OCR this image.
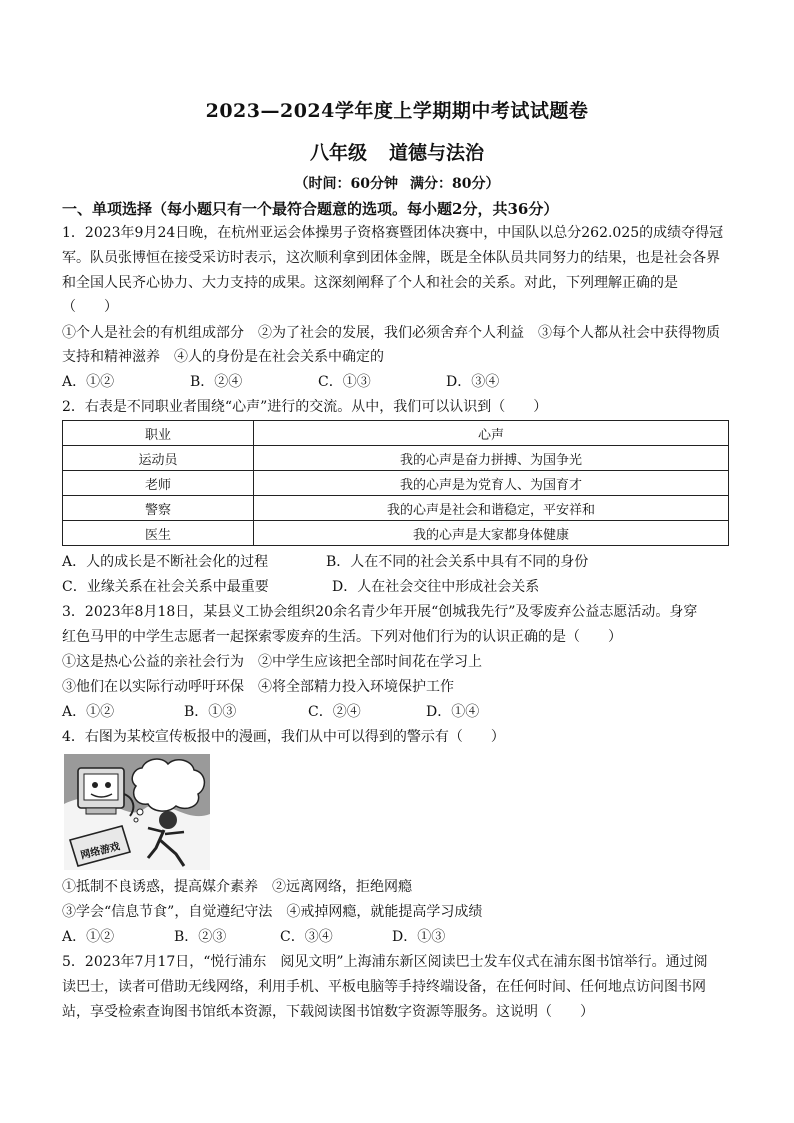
2023—2024学年度上学期期中考试试题卷
八年级 道德与法治
（时间：60分钟 满分：80分）
一、单项选择（每小题只有一个最符合题意的选项。每小题2分，共36分）
1．2023年9月24日晚，在杭州亚运会体操男子资格赛暨团体决赛中，中国队以总分262.025的成绩夺得冠
军。队员张博恒在接受采访时表示，这次顺利拿到团体金牌，既是全体队员共同努力的结果，也是社会各界
和全国人民齐心协力、大力支持的成果。这深刻阐释了个人和社会的关系。对此，下列理解正确的是
（　　）
①个人是社会的有机组成部分　②为了社会的发展，我们必须舍弃个人利益　③每个人都从社会中获得物质
支持和精神滋养　④人的身份是在社会关系中确定的
A．①②	B．②④	C．①③	D．③④
2．右表是不同职业者围绕“心声”进行的交流。从中，我们可以认识到（　　）
职业	心声
运动员	我的心声是奋力拼搏、为国争光
老师	我的心声是为党育人、为国育才
警察	我的心声是社会和谐稳定，平安祥和
医生	我的心声是大家都身体健康
A．人的成长是不断社会化的过程	B．人在不同的社会关系中具有不同的身份
C．业缘关系在社会关系中最重要	D．人在社会交往中形成社会关系
3．2023年8月18日，某县义工协会组织20余名青少年开展“创城我先行”及零废弃公益志愿活动。身穿
红色马甲的中学生志愿者一起探索零废弃的生活。下列对他们行为的认识正确的是（　　）
①这是热心公益的亲社会行为　②中学生应该把全部时间花在学习上
③他们在以实际行动呼吁环保　④将全部精力投入环境保护工作
A．①②	B．①③	C．②④	D．①④
4．右图为某校宣传板报中的漫画，我们从中可以得到的警示有（　　）
网络游戏
①抵制不良诱惑，提高媒介素养　②远离网络，拒绝网瘾
③学会“信息节食”，自觉遵纪守法　④戒掉网瘾，就能提高学习成绩
A．①②	B．②③	C．③④	D．①③
5．2023年7月17日，“悦行浦东　阅见文明”上海浦东新区阅读巴士发车仪式在浦东图书馆举行。通过阅
读巴士，读者可借助无线网络，利用手机、平板电脑等手持终端设备，在任何时间、任何地点访问图书网
站，享受检索查询图书馆纸本资源，下载阅读图书馆数字资源等服务。这说明（　　）
